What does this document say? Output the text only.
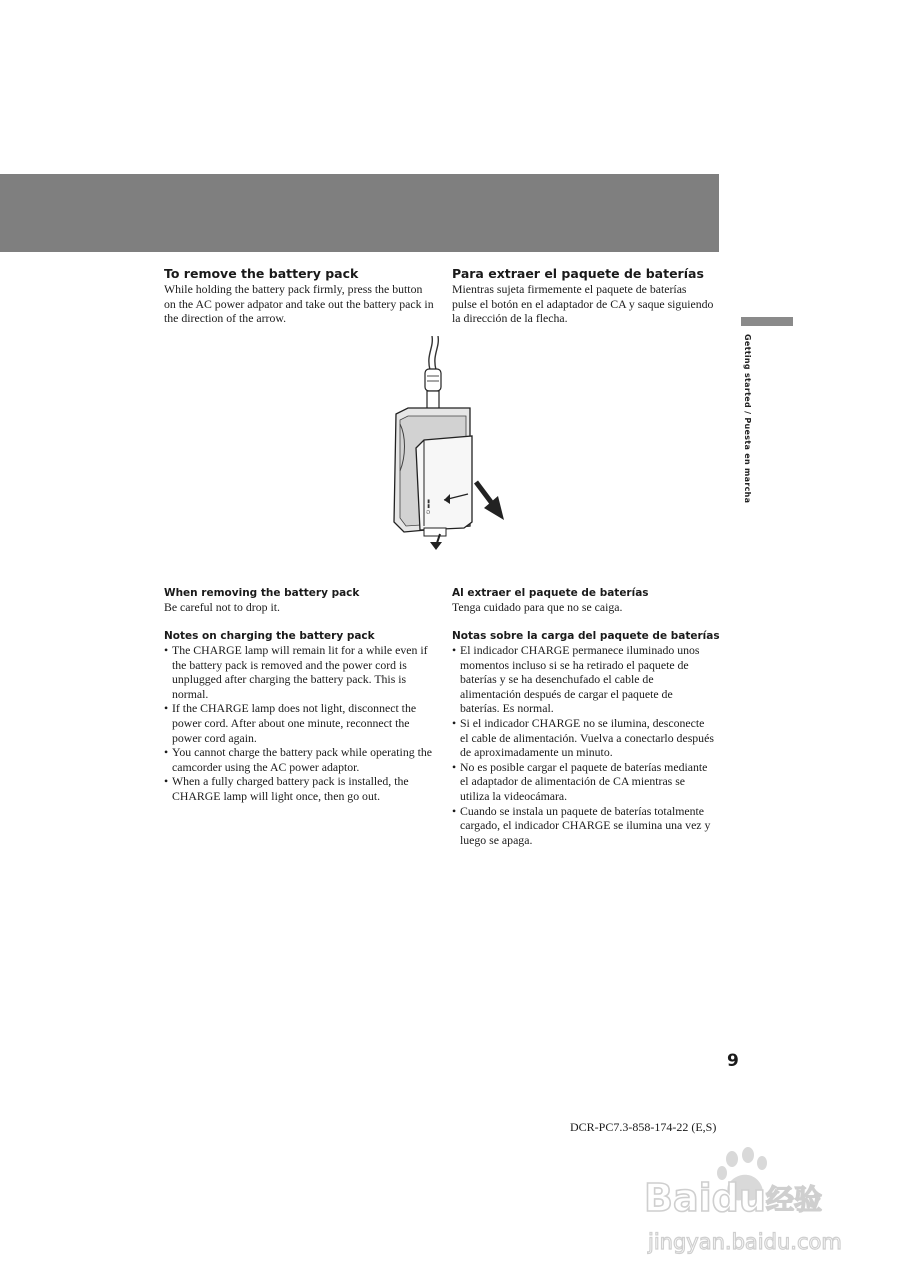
Getting started / Puesta en marcha
To remove the battery pack

While holding the battery pack firmly, press the button on the AC power adpator and take out the battery pack in the direction of the arrow.

Para extraer el paquete de baterías

Mientras sujeta firmemente el paquete de baterías pulse el botón en el adaptador de CA y saque siguiendo la dirección de la flecha.

⏻ ▬▬
When removing the battery pack

Be careful not to drop it.

Notes on charging the battery pack
• The CHARGE lamp will remain lit for a while even if the battery pack is removed and the power cord is unplugged after charging the battery pack. This is normal.
• If the CHARGE lamp does not light, disconnect the power cord. After about one minute, reconnect the power cord again.
• You cannot charge the battery pack while operating the camcorder using the AC power adaptor.
• When a fully charged battery pack is installed, the CHARGE lamp will light once, then go out.
Al extraer el paquete de baterías

Tenga cuidado para que no se caiga.

Notas sobre la carga del paquete de baterías
• El indicador CHARGE permanece iluminado unos momentos incluso si se ha retirado el paquete de baterías y se ha desenchufado el cable de alimentación después de cargar el paquete de baterías. Es normal.
• Si el indicador CHARGE no se ilumina, desconecte el cable de alimentación. Vuelva a conectarlo después de aproximadamente un minuto.
• No es posible cargar el paquete de baterías mediante el adaptador de alimentación de CA mientras se utiliza la videocámara.
• Cuando se instala un paquete de baterías totalmente cargado, el indicador CHARGE se ilumina una vez y luego se apaga.
9
DCR-PC7.3-858-174-22 (E,S)
Baidu 经验
jingyan.baidu.com
